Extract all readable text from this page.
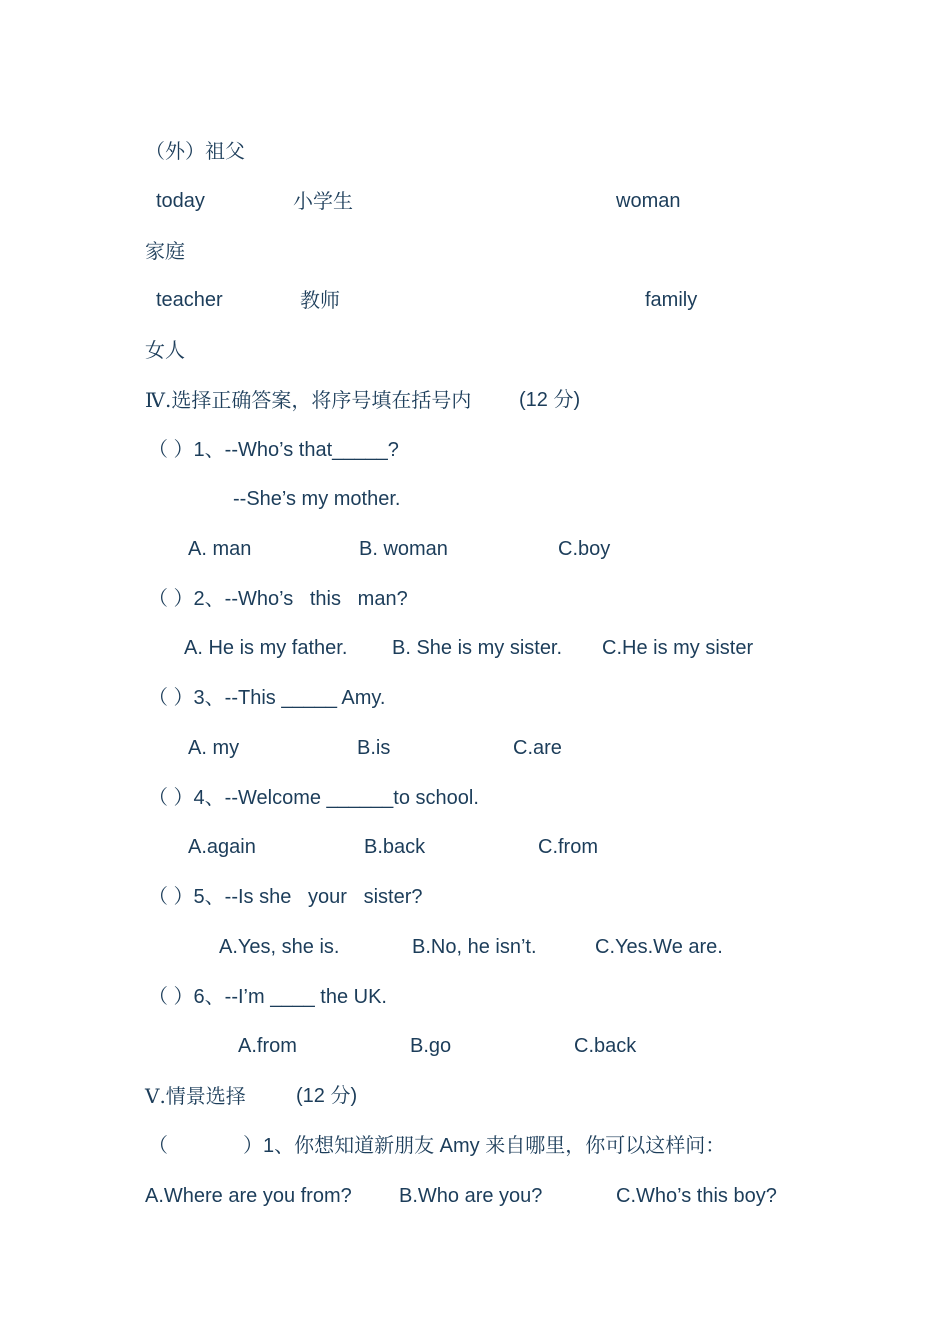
（外）祖父
today	小学生	woman
家庭
teacher	教师	family
女人
Ⅳ.选择正确答案，将序号填在括号内 (12 分)
（ ）1、--Who’s that_____?
--She’s my mother.
A. man	B. woman	C.boy
（ ）2、--Who’s   this   man?
A. He is my father. B. She is my sister. C.He is my sister
（ ）3、--This _____ Amy.
A. my	B.is	C.are
（ ）4、--Welcome ______to school.
A.again	B.back	C.from
（ ）5、--Is she   your   sister?
A.Yes, she is.	B.No, he isn’t.	C.Yes.We are.
（ ）6、--I’m ____ the UK.
A.from	B.go	C.back
Ⅴ.情景选择	(12 分)
（	）1、你想知道新朋友 Amy 来自哪里，你可以这样问：
A.Where are you from? B.Who are you?	C.Who’s this boy?
